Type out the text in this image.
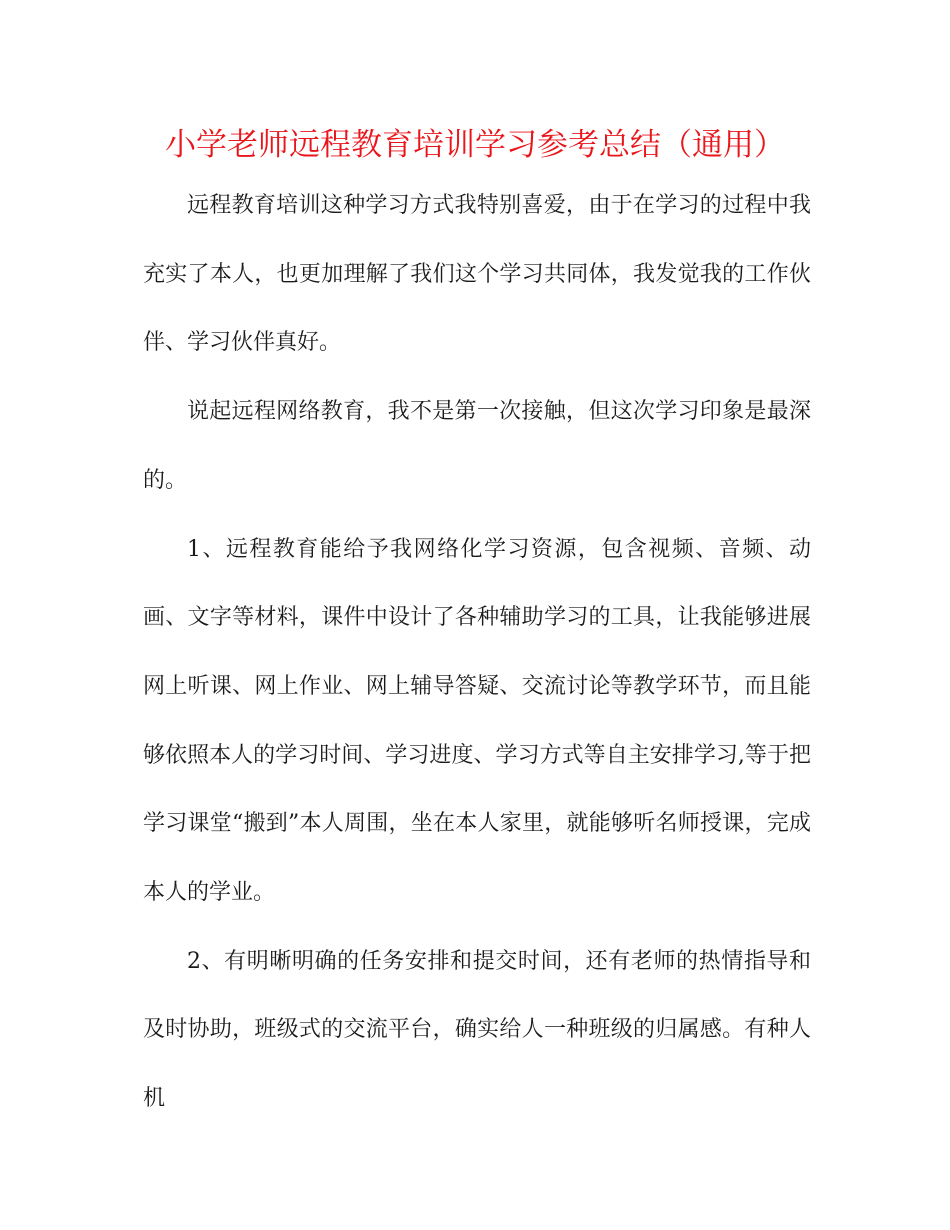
小学老师远程教育培训学习参考总结（通用）

远程教育培训这种学习方式我特别喜爱，由于在学习的过程中我充实了本人，也更加理解了我们这个学习共同体，我发觉我的工作伙伴、学习伙伴真好。

说起远程网络教育，我不是第一次接触，但这次学习印象是最深的。

1、远程教育能给予我网络化学习资源，包含视频、音频、动画、文字等材料，课件中设计了各种辅助学习的工具，让我能够进展网上听课、网上作业、网上辅导答疑、交流讨论等教学环节，而且能够依照本人的学习时间、学习进度、学习方式等自主安排学习,等于把学习课堂“搬到”本人周围，坐在本人家里，就能够听名师授课，完成本人的学业。

2、有明晰明确的任务安排和提交时间，还有老师的热情指导和及时协助，班级式的交流平台，确实给人一种班级的归属感。有种人机
